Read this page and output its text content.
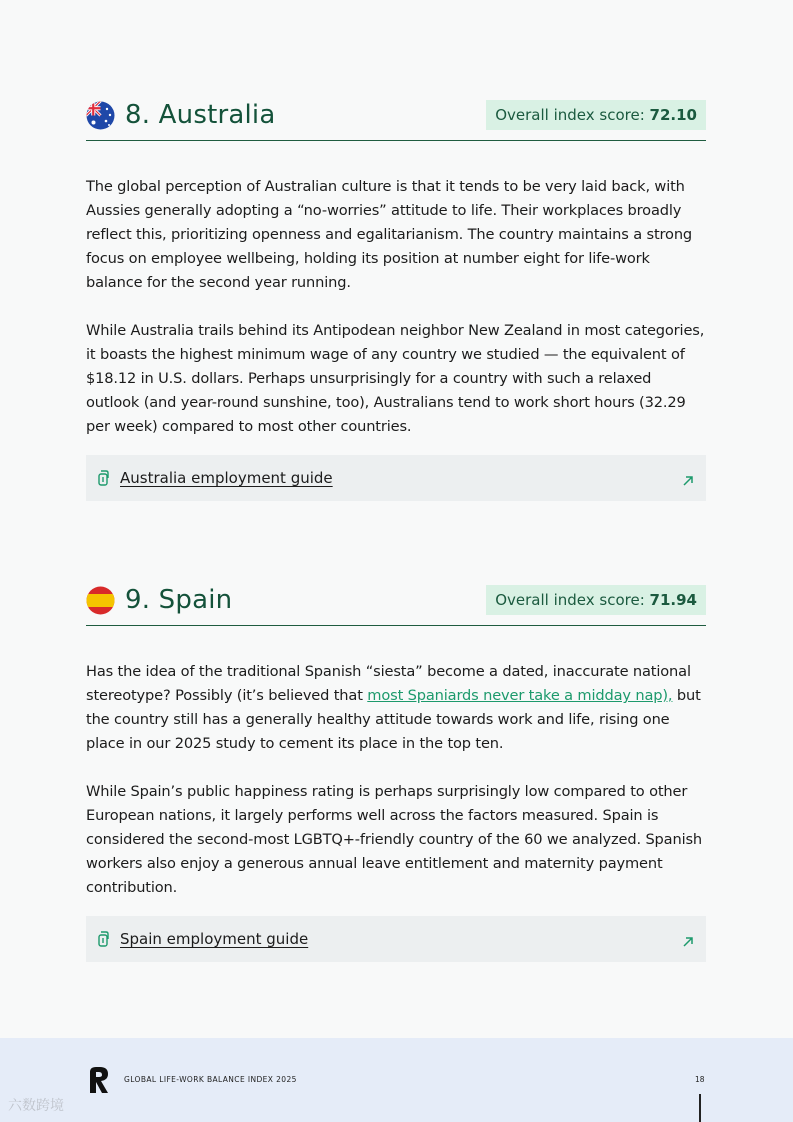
8. Australia	Overall index score: 72.10

The global perception of Australian culture is that it tends to be very laid back, with Aussies generally adopting a “no-worries” attitude to life. Their workplaces broadly reflect this, prioritizing openness and egalitarianism. The country maintains a strong focus on employee wellbeing, holding its position at number eight for life-work balance for the second year running.

While Australia trails behind its Antipodean neighbor New Zealand in most categories, it boasts the highest minimum wage of any country we studied — the equivalent of $18.12 in U.S. dollars. Perhaps unsurprisingly for a country with such a relaxed outlook (and year-round sunshine, too), Australians tend to work short hours (32.29 per week) compared to most other countries.

Australia employment guide
9. Spain	Overall index score: 71.94

Has the idea of the traditional Spanish “siesta” become a dated, inaccurate national stereotype? Possibly (it’s believed that most Spaniards never take a midday nap), but the country still has a generally healthy attitude towards work and life, rising one place in our 2025 study to cement its place in the top ten.

While Spain’s public happiness rating is perhaps surprisingly low compared to other European nations, it largely performs well across the factors measured. Spain is considered the second-most LGBTQ+-friendly country of the 60 we analyzed. Spanish workers also enjoy a generous annual leave entitlement and maternity payment contribution.

Spain employment guide
GLOBAL LIFE-WORK BALANCE INDEX 2025	18
六数跨境
